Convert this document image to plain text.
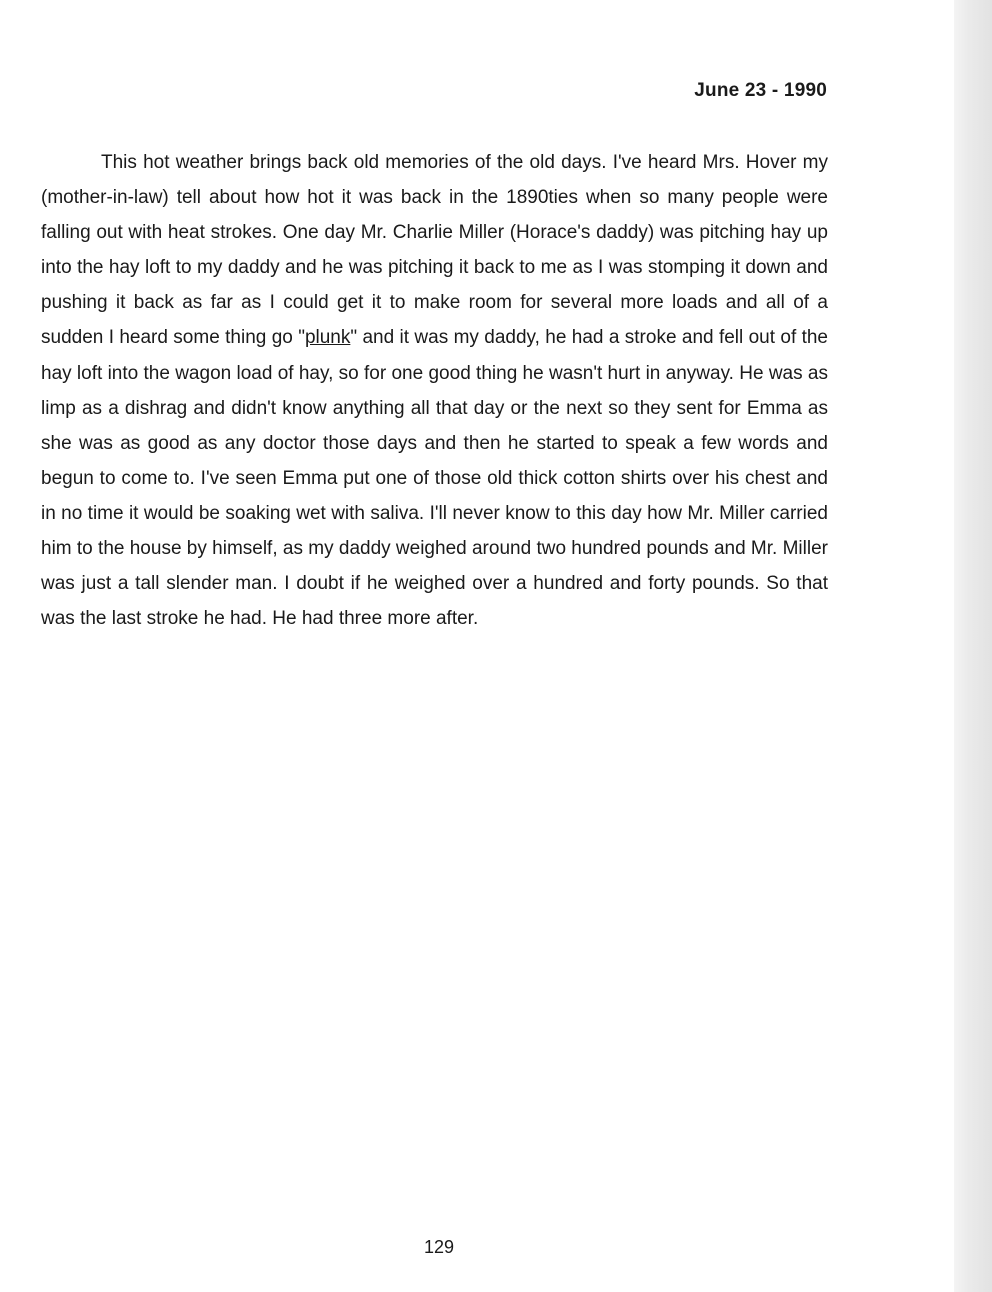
June 23 - 1990

This hot weather brings back old memories of the old days. I've heard Mrs. Hover my (mother-in-law) tell about how hot it was back in the 1890ties when so many people were falling out with heat strokes. One day Mr. Charlie Miller (Horace's daddy) was pitching hay up into the hay loft to my daddy and he was pitching it back to me as I was stomping it down and pushing it back as far as I could get it to make room for several more loads and all of a sudden I heard some thing go "plunk" and it was my daddy, he had a stroke and fell out of the hay loft into the wagon load of hay, so for one good thing he wasn't hurt in anyway. He was as limp as a dishrag and didn't know anything all that day or the next so they sent for Emma as she was as good as any doctor those days and then he started to speak a few words and begun to come to. I've seen Emma put one of those old thick cotton shirts over his chest and in no time it would be soaking wet with saliva. I'll never know to this day how Mr. Miller carried him to the house by himself, as my daddy weighed around two hundred pounds and Mr. Miller was just a tall slender man. I doubt if he weighed over a hundred and forty pounds. So that was the last stroke he had. He had three more after.

129
